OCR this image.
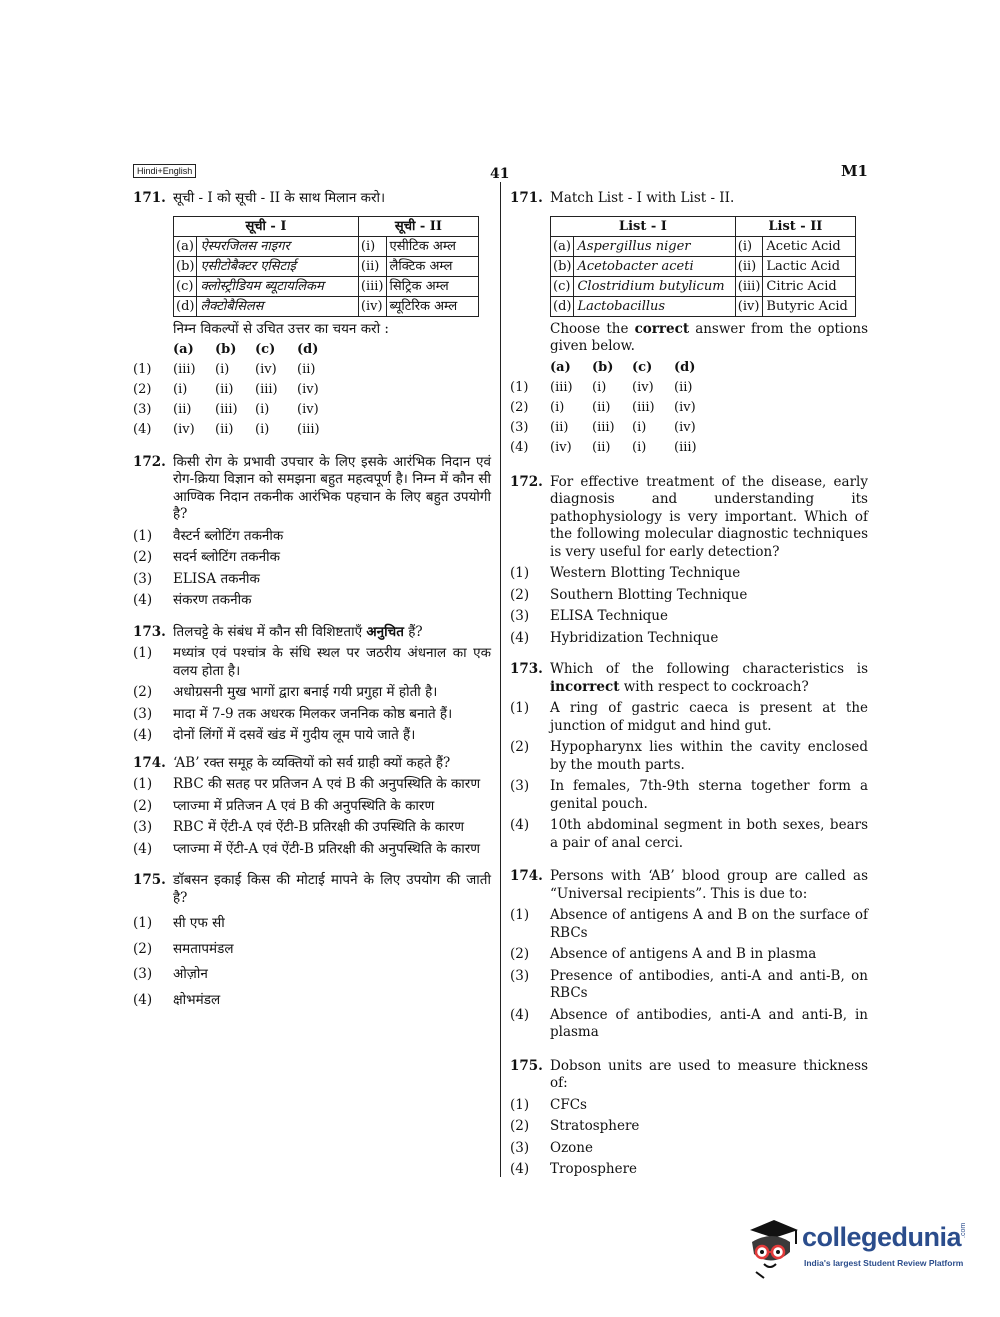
Hindi+English	41	M1
171. सूची - I को सूची - II के साथ मिलान करो।
सूची - I		सूची - II	
(a)	ऐस्परजिलस नाइगर	(i)	एसीटिक अम्ल
(b)	एसीटोबैक्टर एसिटाई	(ii)	लैक्टिक अम्ल
(c)	क्लोस्ट्रीडियम ब्यूटायलिकम	(iii)	सिट्रिक अम्ल
(d)	लैक्टोबैसिलस	(iv)	ब्यूटिरिक अम्ल
निम्न विकल्पों से उचित उत्तर का चयन करो :
(a)	(b)	(c)	(d)
(1)	(iii)	(i)	(iv)	(ii)
(2)	(i)	(ii)	(iii)	(iv)
(3)	(ii)	(iii)	(i)	(iv)
(4)	(iv)	(ii)	(i)	(iii)
172. किसी रोग के प्रभावी उपचार के लिए इसके आरंभिक निदान एवं रोग-क्रिया विज्ञान को समझना बहुत महत्वपूर्ण है। निम्न में कौन सी आण्विक निदान तकनीक आरंभिक पहचान के लिए बहुत उपयोगी है?
(1)	वैस्टर्न ब्लोटिंग तकनीक
(2)	सदर्न ब्लोटिंग तकनीक
(3)	ELISA तकनीक
(4)	संकरण तकनीक
173. तिलचट्टे के संबंध में कौन सी विशिष्टताएँ अनुचित हैं?
(1)	मध्यांत्र एवं पश्चांत्र के संधि स्थल पर जठरीय अंधनाल का एक वलय होता है।
(2)	अधोग्रसनी मुख भागों द्वारा बनाई गयी प्रगुहा में होती है।
(3)	मादा में 7-9 तक अधरक मिलकर जननिक कोष्ठ बनाते हैं।
(4)	दोनों लिंगों में दसवें खंड में गुदीय लूम पाये जाते हैं।
174. ‘AB’ रक्त समूह के व्यक्तियों को सर्व ग्राही क्यों कहते हैं?
(1)	RBC की सतह पर प्रतिजन A एवं B की अनुपस्थिति के कारण
(2)	प्लाज्मा में प्रतिजन A एवं B की अनुपस्थिति के कारण
(3)	RBC में ऐंटी-A एवं ऐंटी-B प्रतिरक्षी की उपस्थिति के कारण
(4)	प्लाज्मा में ऐंटी-A एवं ऐंटी-B प्रतिरक्षी की अनुपस्थिति के कारण
175. डॉबसन इकाई किस की मोटाई मापने के लिए उपयोग की जाती है?
(1)	सी एफ सी
(2)	समतापमंडल
(3)	ओज़ोन
(4)	क्षोभमंडल
171. Match List - I with List - II.
List - I		List - II	
(a)	Aspergillus niger	(i)	Acetic Acid
(b)	Acetobacter aceti	(ii)	Lactic Acid
(c)	Clostridium butylicum	(iii)	Citric Acid
(d)	Lactobacillus	(iv)	Butyric Acid
Choose the correct answer from the options given below.
(a)	(b)	(c)	(d)
(1)	(iii)	(i)	(iv)	(ii)
(2)	(i)	(ii)	(iii)	(iv)
(3)	(ii)	(iii)	(i)	(iv)
(4)	(iv)	(ii)	(i)	(iii)
172. For effective treatment of the disease, early diagnosis and understanding its pathophysiology is very important. Which of the following molecular diagnostic techniques is very useful for early detection?
(1)	Western Blotting Technique
(2)	Southern Blotting Technique
(3)	ELISA Technique
(4)	Hybridization Technique
173. Which of the following characteristics is incorrect with respect to cockroach?
(1)	A ring of gastric caeca is present at the junction of midgut and hind gut.
(2)	Hypopharynx lies within the cavity enclosed by the mouth parts.
(3)	In females, 7th-9th sterna together form a genital pouch.
(4)	10th abdominal segment in both sexes, bears a pair of anal cerci.
174. Persons with ‘AB’ blood group are called as “Universal recipients”. This is due to:
(1)	Absence of antigens A and B on the surface of RBCs
(2)	Absence of antigens A and B in plasma
(3)	Presence of antibodies, anti-A and anti-B, on RBCs
(4)	Absence of antibodies, anti-A and anti-B, in plasma
175. Dobson units are used to measure thickness of:
(1)	CFCs
(2)	Stratosphere
(3)	Ozone
(4)	Troposphere
collegedunia
.com
India's largest Student Review Platform
